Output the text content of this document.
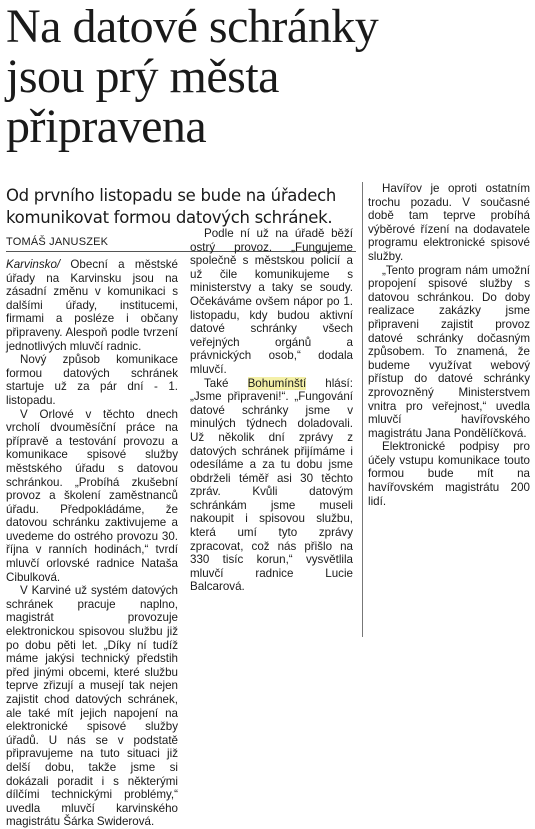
Na datové schránky
jsou prý města
připravena
Od prvního listopadu se bude na úřadech komunikovat formou datových schránek.
TOMÁŠ JANUSZEK

Karvinsko/ Obecní a městské úřady na Karvinsku jsou na zásadní změnu v komunikaci s dalšími úřady, institucemi, firmami a posléze i občany připraveny. Alespoň podle tvrzení jednotlivých mluvčí radnic.

Nový způsob komunikace formou datových schránek startuje už za pár dní - 1. listopadu.

V Orlové v těchto dnech vrcholí dvouměsíční práce na přípravě a testování provozu a komunikace spisové služby městského úřadu s datovou schránkou. „Probíhá zkušební provoz a školení zaměstnanců úřadu. Předpokládáme, že datovou schránku zaktivujeme a uvedeme do ostrého provozu 30. října v ranních hodinách,“ tvrdí mluvčí orlovské radnice Nataša Cibulková.

V Karviné už systém datových schránek pracuje naplno, magistrát provozuje elektronickou spisovou službu již po dobu pěti let. „Díky ní tudíž máme jakýsi technický předstih před jinými obcemi, které službu teprve zřizují a musejí tak nejen zajistit chod datových schránek, ale také mít jejich napojení na elektronické spisové služby úřadů. U nás se v podstatě připravujeme na tuto situaci již delší dobu, takže jsme si dokázali poradit i s některými dílčími technickými problémy,“ uvedla mluvčí karvinského magistrátu Šárka Swiderová.

Podle ní už na úřadě běží ostrý provoz. „Fungujeme společně s městskou policií a už čile komunikujeme s ministerstvy a taky se soudy. Očekáváme ovšem nápor po 1. listopadu, kdy budou aktivní datové schránky všech veřejných orgánů a právnických osob,“ dodala mluvčí.

Také Bohumínští hlásí: „Jsme připraveni!“. „Fungování datové schránky jsme v minulých týdnech doladovali. Už několik dní zprávy z datových schránek přijímáme i odesíláme a za tu dobu jsme obdrželi téměř asi 30 těchto zpráv. Kvůli datovým schránkám jsme museli nakoupit i spisovou službu, která umí tyto zprávy zpracovat, což nás přišlo na 330 tisíc korun,“ vysvětlila mluvčí radnice Lucie Balcarová.

Havířov je oproti ostatním trochu pozadu. V současné době tam teprve probíhá výběrové řízení na dodavatele programu elektronické spisové služby.

„Tento program nám umožní propojení spisové služby s datovou schránkou. Do doby realizace zakázky jsme připraveni zajistit provoz datové schránky dočasným způsobem. To znamená, že budeme využívat webový přístup do datové schránky zprovozněný Ministerstvem vnitra pro veřejnost,“ uvedla mluvčí havířovského magistrátu Jana Pondělíčková.

Elektronické podpisy pro účely vstupu komunikace touto formou bude mít na havířovském magistrátu 200 lidí.
